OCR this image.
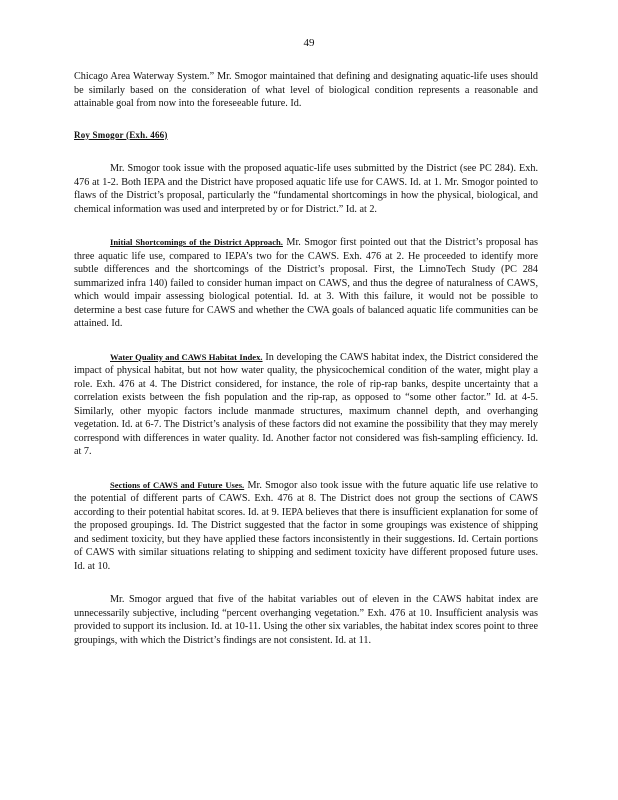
49

Chicago Area Waterway System.” Mr. Smogor maintained that defining and designating aquatic-life uses should be similarly based on the consideration of what level of biological condition represents a reasonable and attainable goal from now into the foreseeable future. Id.

Roy Smogor (Exh. 466)

Mr. Smogor took issue with the proposed aquatic-life uses submitted by the District (see PC 284). Exh. 476 at 1-2. Both IEPA and the District have proposed aquatic life use for CAWS. Id. at 1. Mr. Smogor pointed to flaws of the District’s proposal, particularly the “fundamental shortcomings in how the physical, biological, and chemical information was used and interpreted by or for District.” Id. at 2.

Initial Shortcomings of the District Approach. Mr. Smogor first pointed out that the District’s proposal has three aquatic life use, compared to IEPA’s two for the CAWS. Exh. 476 at 2. He proceeded to identify more subtle differences and the shortcomings of the District’s proposal. First, the LimnoTech Study (PC 284 summarized infra 140) failed to consider human impact on CAWS, and thus the degree of naturalness of CAWS, which would impair assessing biological potential. Id. at 3. With this failure, it would not be possible to determine a best case future for CAWS and whether the CWA goals of balanced aquatic life communities can be attained. Id.

Water Quality and CAWS Habitat Index. In developing the CAWS habitat index, the District considered the impact of physical habitat, but not how water quality, the physicochemical condition of the water, might play a role. Exh. 476 at 4. The District considered, for instance, the role of rip-rap banks, despite uncertainty that a correlation exists between the fish population and the rip-rap, as opposed to “some other factor.” Id. at 4-5. Similarly, other myopic factors include manmade structures, maximum channel depth, and overhanging vegetation. Id. at 6-7. The District’s analysis of these factors did not examine the possibility that they may merely correspond with differences in water quality. Id. Another factor not considered was fish-sampling efficiency. Id. at 7.

Sections of CAWS and Future Uses. Mr. Smogor also took issue with the future aquatic life use relative to the potential of different parts of CAWS. Exh. 476 at 8. The District does not group the sections of CAWS according to their potential habitat scores. Id. at 9. IEPA believes that there is insufficient explanation for some of the proposed groupings. Id. The District suggested that the factor in some groupings was existence of shipping and sediment toxicity, but they have applied these factors inconsistently in their suggestions. Id. Certain portions of CAWS with similar situations relating to shipping and sediment toxicity have different proposed future uses. Id. at 10.

Mr. Smogor argued that five of the habitat variables out of eleven in the CAWS habitat index are unnecessarily subjective, including “percent overhanging vegetation.” Exh. 476 at 10. Insufficient analysis was provided to support its inclusion. Id. at 10-11. Using the other six variables, the habitat index scores point to three groupings, with which the District’s findings are not consistent. Id. at 11.
